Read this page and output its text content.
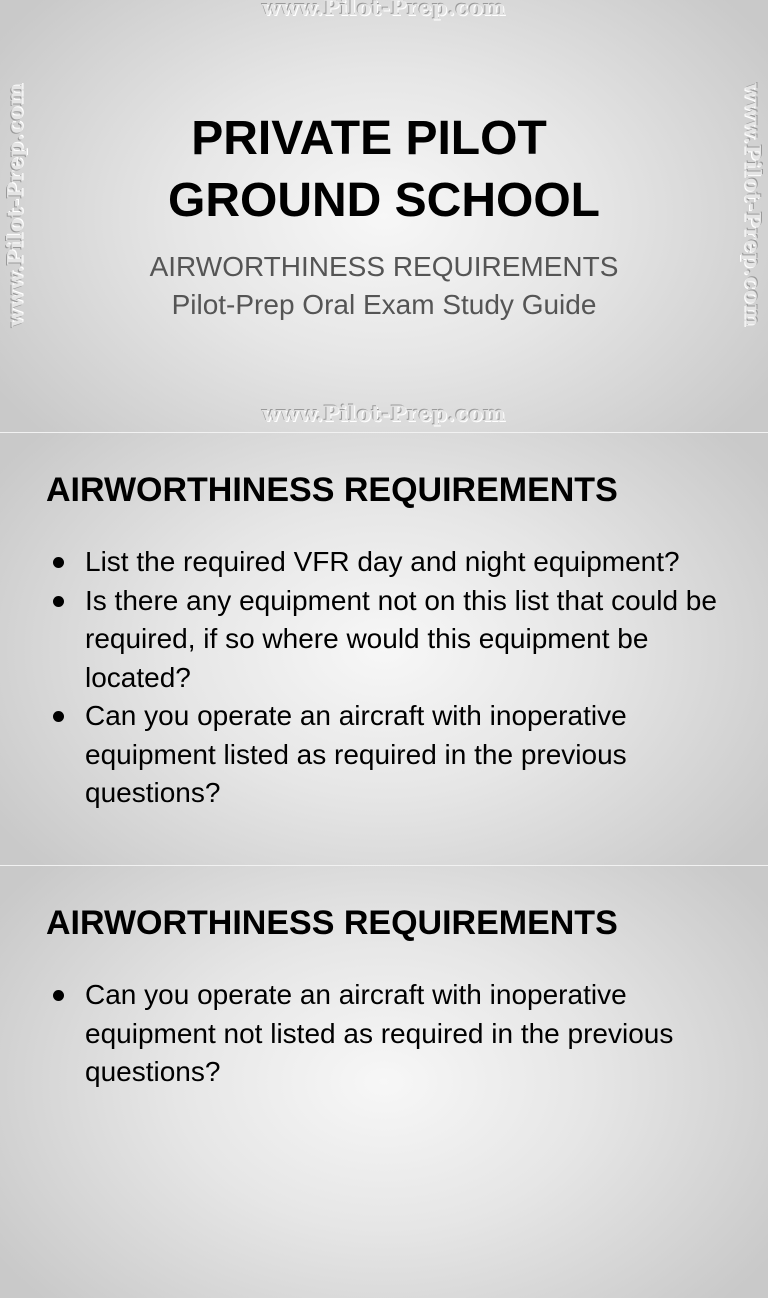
www.Pilot-Prep.com
www.Pilot-Prep.com	www.Pilot-Prep.com
PRIVATE PILOT
GROUND SCHOOL
AIRWORTHINESS REQUIREMENTS
Pilot-Prep Oral Exam Study Guide
www.Pilot-Prep.com
AIRWORTHINESS REQUIREMENTS
List the required VFR day and night equipment?
Is there any equipment not on this list that could be required, if so where would this equipment be located?
Can you operate an aircraft with inoperative equipment listed as required in the previous questions?
AIRWORTHINESS REQUIREMENTS
Can you operate an aircraft with inoperative equipment not listed as required in the previous questions?
